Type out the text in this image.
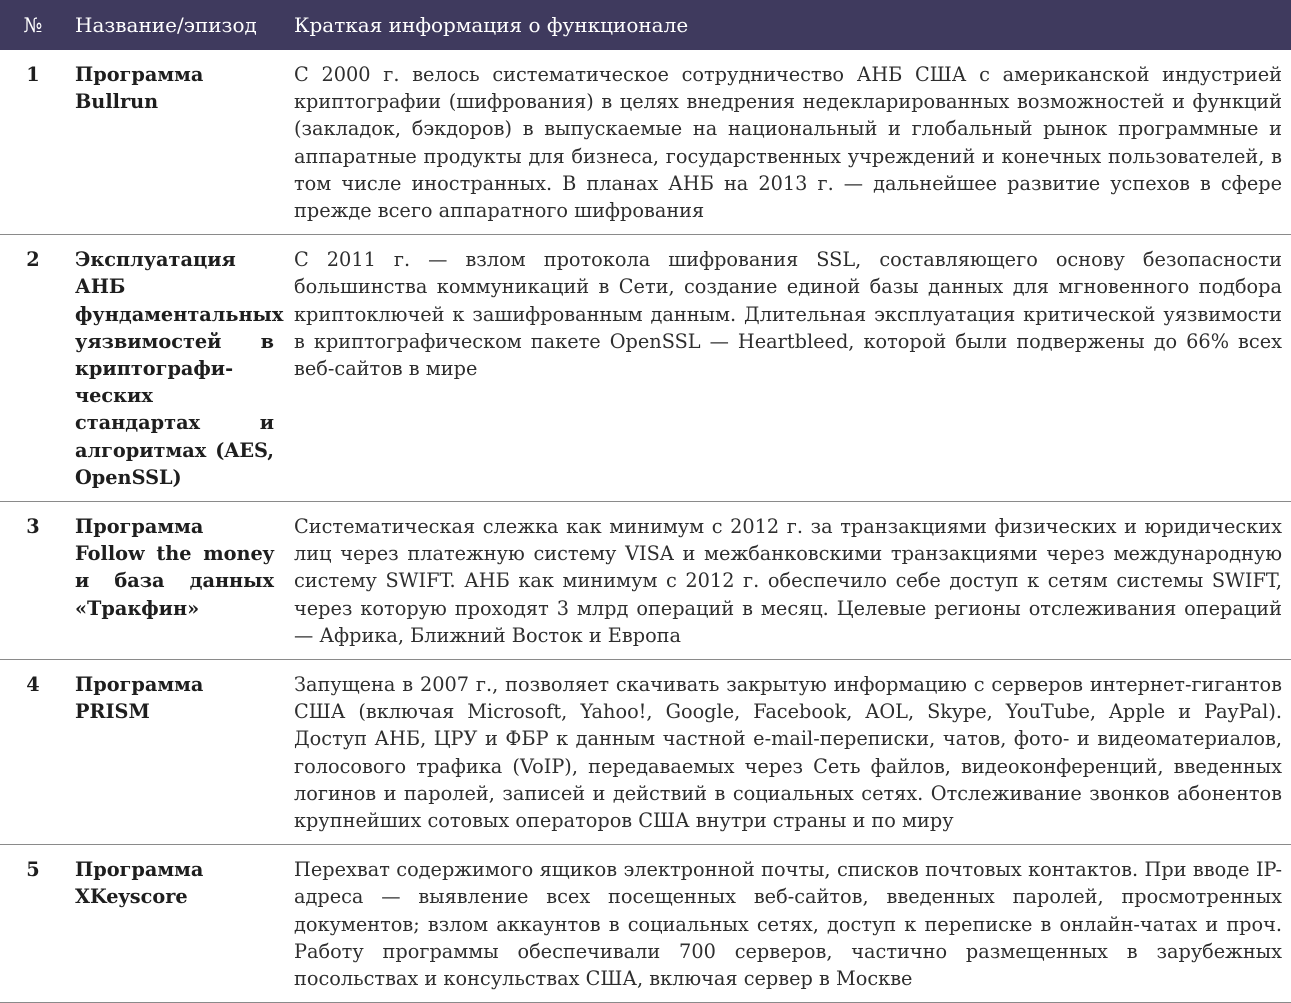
№	Название/эпизод	Краткая информация о функционале
1	Программа Bullrun	С 2000 г. велось систематическое сотрудничество АНБ США с американской индустрией криптографии (шифрования) в целях внедрения недекларированных возможностей и функций (закладок, бэкдоров) в выпускаемые на национальный и глобальный рынок программные и аппаратные продукты для бизнеса, государственных учреждений и конечных пользователей, в том числе иностранных. В планах АНБ на 2013 г. — дальнейшее развитие успехов в сфере прежде всего аппаратного шифрования
2	Эксплуатация АНБ фундаментальных уязвимостей в криптографических стандартах и алгоритмах (AES, OpenSSL)	С 2011 г. — взлом протокола шифрования SSL, составляющего основу безопасности большинства коммуникаций в Сети, создание единой базы данных для мгновенного подбора криптоключей к зашифрованным данным. Длительная эксплуатация критической уязвимости в криптографическом пакете OpenSSL — Heartbleed, которой были подвержены до 66% всех веб-сайтов в мире
3	Программа Follow the money и база данных «Тракфин»	Систематическая слежка как минимум с 2012 г. за транзакциями физических и юридических лиц через платежную систему VISA и межбанковскими транзакциями через международную систему SWIFT. АНБ как минимум с 2012 г. обеспечило себе доступ к сетям системы SWIFT, через которую проходят 3 млрд операций в месяц. Целевые регионы отслеживания операций — Африка, Ближний Восток и Европа
4	Программа PRISM	Запущена в 2007 г., позволяет скачивать закрытую информацию с серверов интернет-гигантов США (включая Microsoft, Yahoo!, Google, Facebook, AOL, Skype, YouTube, Apple и PayPal). Доступ АНБ, ЦРУ и ФБР к данным частной e-mail-переписки, чатов, фото- и видеоматериалов, голосового трафика (VoIP), передаваемых через Сеть файлов, видеоконференций, введенных логинов и паролей, записей и действий в социальных сетях. Отслеживание звонков абонентов крупнейших сотовых операторов США внутри страны и по миру
5	Программа XKeyscore	Перехват содержимого ящиков электронной почты, списков почтовых контактов. При вводе IP-адреса — выявление всех посещенных веб-сайтов, введенных паролей, просмотренных документов; взлом аккаунтов в социальных сетях, доступ к переписке в онлайн-чатах и проч. Работу программы обеспечивали 700 серверов, частично размещенных в зарубежных посольствах и консульствах США, включая сервер в Москве
